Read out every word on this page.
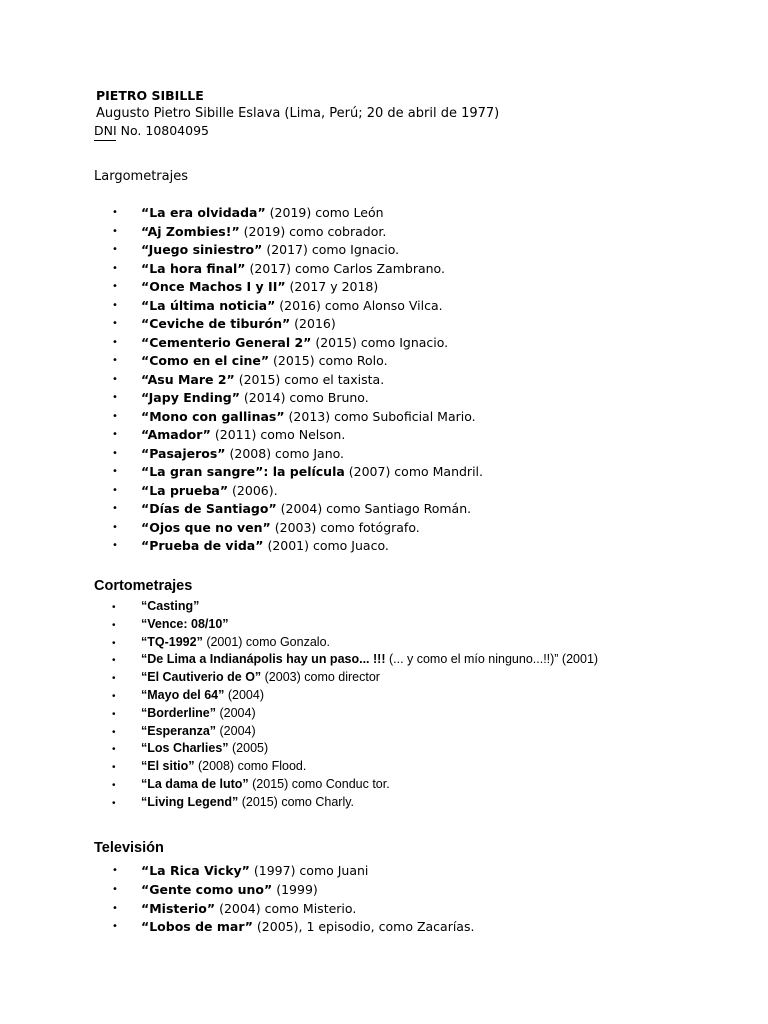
PIETRO SIBILLE
Augusto Pietro Sibille Eslava (Lima, Perú; 20 de abril de 1977)
DNI No. 10804095
Largometrajes
• “La era olvidada” (2019) como León
• “Aj Zombies!” (2019) como cobrador.
• “Juego siniestro” (2017) como Ignacio.
• “La hora final” (2017) como Carlos Zambrano.
• “Once Machos I y II” (2017 y 2018)
• “La última noticia” (2016) como Alonso Vilca.
• “Ceviche de tiburón” (2016)
• “Cementerio General 2” (2015) como Ignacio.
• “Como en el cine” (2015) como Rolo.
• “Asu Mare 2” (2015) como el taxista.
• “Japy Ending” (2014) como Bruno.
• “Mono con gallinas” (2013) como Suboficial Mario.
• “Amador” (2011) como Nelson.
• “Pasajeros” (2008) como Jano.
• “La gran sangre”: la película (2007) como Mandril.
• “La prueba” (2006).
• “Días de Santiago” (2004) como Santiago Román.
• “Ojos que no ven” (2003) como fotógrafo.
• “Prueba de vida” (2001) como Juaco.
Cortometrajes
• “Casting”
• “Vence: 08/10”
• “TQ-1992” (2001) como Gonzalo.
• “De Lima a Indianápolis hay un paso... !!! (... y como el mío ninguno...!!)” (2001)
• “El Cautiverio de O” (2003) como director
• “Mayo del 64” (2004)
• “Borderline” (2004)
• “Esperanza” (2004)
• “Los Charlies” (2005)
• “El sitio” (2008) como Flood.
• “La dama de luto” (2015) como Conduc tor.
• “Living Legend” (2015) como Charly.
Televisión
• “La Rica Vicky” (1997) como Juani
• “Gente como uno” (1999)
• “Misterio” (2004) como Misterio.
• “Lobos de mar” (2005), 1 episodio, como Zacarías.
